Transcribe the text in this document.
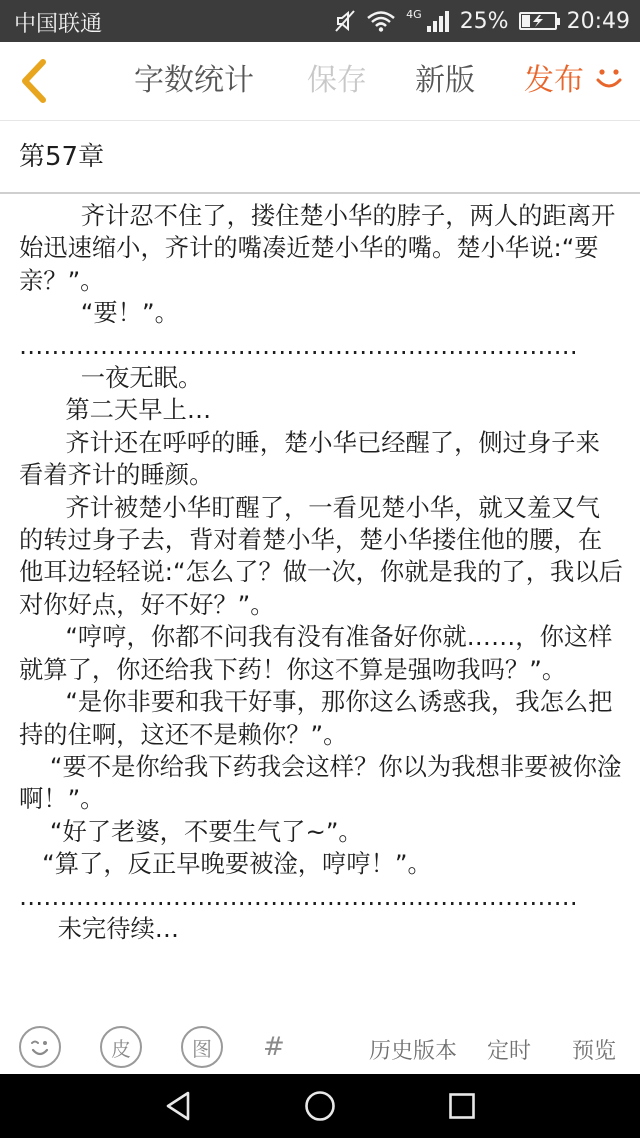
中国联通	4G 25%	20:49
字数统计 保存 新版 发布
第57章

齐计忍不住了，搂住楚小华的脖子，两人的距离开始迅速缩小，齐计的嘴凑近楚小华的嘴。楚小华说:“要亲？”。

“要！”。

……………………………………………………………

一夜无眠。

第二天早上…

齐计还在呼呼的睡，楚小华已经醒了，侧过身子来看着齐计的睡颜。

齐计被楚小华盯醒了，一看见楚小华，就又羞又气的转过身子去，背对着楚小华，楚小华搂住他的腰，在他耳边轻轻说:“怎么了？做一次，你就是我的了，我以后对你好点，好不好？”。

“哼哼，你都不问我有没有准备好你就……，你这样就算了，你还给我下药！你这不算是强吻我吗？”。

“是你非要和我干好事，那你这么诱惑我，我怎么把持的住啊，这还不是赖你？”。

“要不是你给我下药我会这样？你以为我想非要被你淦啊！”。

“好了老婆，不要生气了~”。

“算了，反正早晚要被淦，哼哼！”。

……………………………………………………………

未完待续…

皮	图 #	历史版本 定时 预览
